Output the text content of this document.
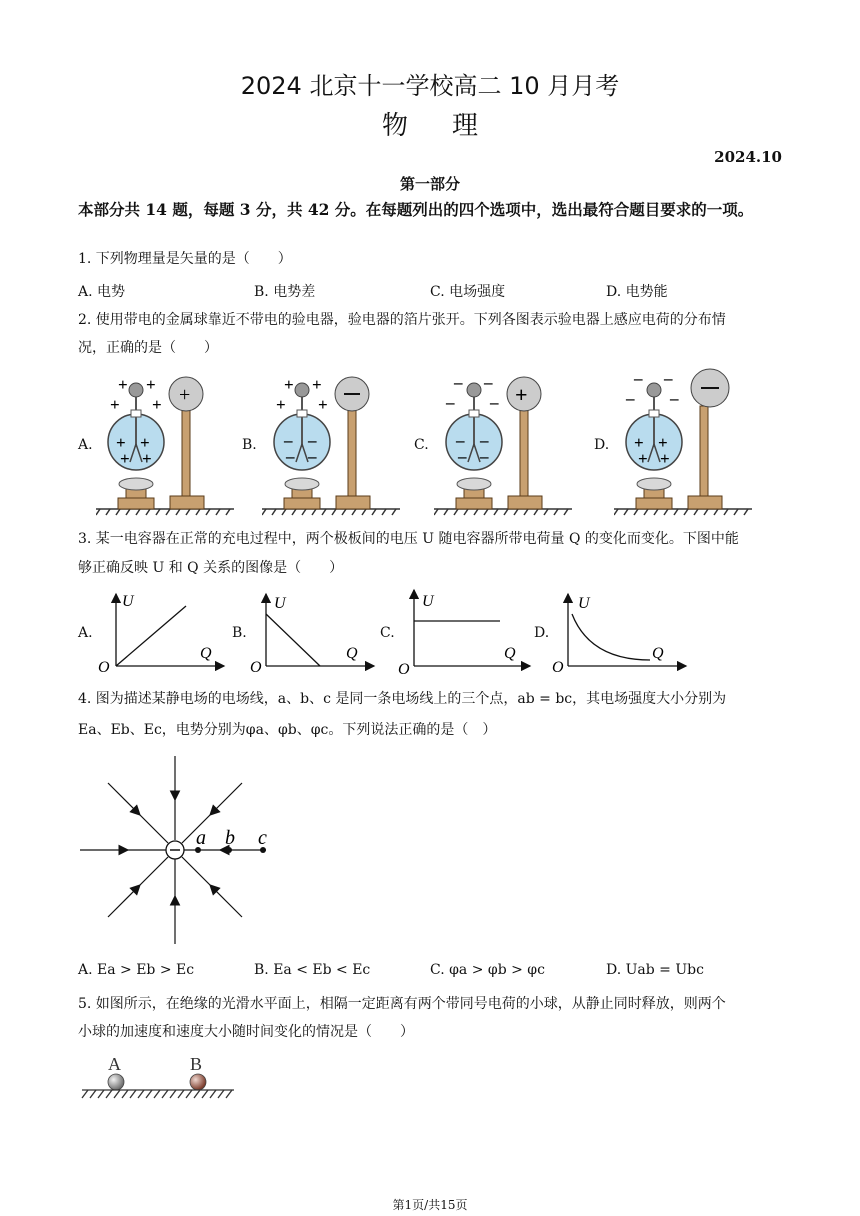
2024 北京十一学校高二 10 月月考
物理
2024.10
第一部分
本部分共 14 题，每题 3 分，共 42 分。在每题列出的四个选项中，选出最符合题目要求的一项。
1. 下列物理量是矢量的是（　　）
A. 电势	B. 电势差	C. 电场强度	D. 电势能
2. 使用带电的金属球靠近不带电的验电器，验电器的箔片张开。下列各图表示验电器上感应电荷的分布情
况，正确的是（　　）
A.	B.	C.	D.
+ +
+ +
+ +
+ +
+	+ +
+ +
– –
– –
– –
– –
– –
– –
+
– –
– –
+ +
+ +
3. 某一电容器在正常的充电过程中，两个极板间的电压 U 随电容器所带电荷量 Q 的变化而变化。下图中能
够正确反映 U 和 Q 关系的图像是（　　）
A.	B.	C.	D.
U
Q
O
U
Q
O
U
Q
O
U
Q
O
4. 图为描述某静电场的电场线，a、b、c 是同一条电场线上的三个点，ab = bc，其电场强度大小分别为
Ea、Eb、Ec，电势分别为φa、φb、φc。下列说法正确的是（　）
a b c
A. Ea > Eb > Ec	B. Ea < Eb < Ec	C. φa > φb > φc	D. Uab = Ubc
5. 如图所示，在绝缘的光滑水平面上，相隔一定距离有两个带同号电荷的小球，从静止同时释放，则两个
小球的加速度和速度大小随时间变化的情况是（　　）
A	B
第1页/共15页
